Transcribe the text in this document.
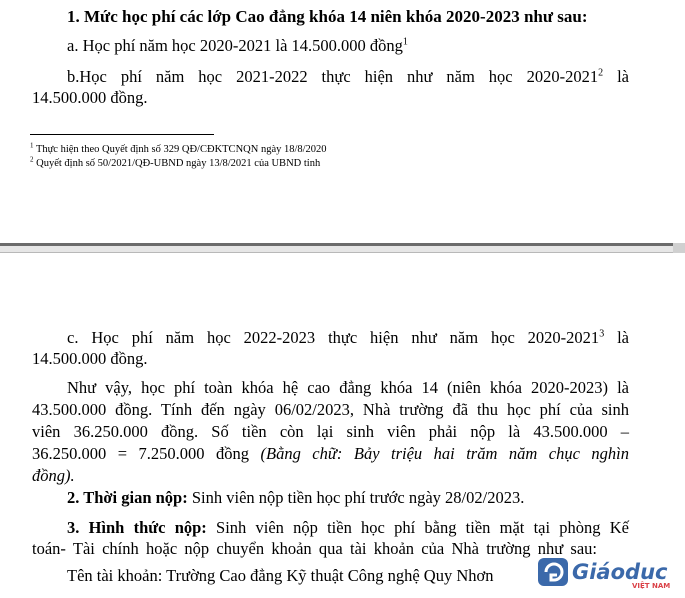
1. Mức học phí các lớp Cao đẳng khóa 14 niên khóa 2020-2023 như sau:
a. Học phí năm học 2020-2021 là 14.500.000 đồng$^1$
b.Học phí năm học 2021-2022 thực hiện như năm học 2020-2021$^2$ là
14.500.000 đồng.
$^1$ Thực hiện theo Quyết định số 329 QĐ/CĐKTCNQN ngày 18/8/2020
$^2$ Quyết định số 50/2021/QĐ-UBND ngày 13/8/2021 của UBND tỉnh
c. Học phí năm học 2022-2023 thực hiện như năm học 2020-2021$^3$ là
14.500.000 đồng.
Như vậy, học phí toàn khóa hệ cao đẳng khóa 14 (niên khóa 2020-2023) là
43.500.000 đồng. Tính đến ngày 06/02/2023, Nhà trường đã thu học phí của sinh
viên 36.250.000 đồng. Số tiền còn lại sinh viên phải nộp là 43.500.000 –
36.250.000 = 7.250.000 đồng (Bằng chữ: Bảy triệu hai trăm năm chục nghìn
đồng).
2. Thời gian nộp: Sinh viên nộp tiền học phí trước ngày 28/02/2023.
3. Hình thức nộp: Sinh viên nộp tiền học phí bằng tiền mặt tại phòng Kế
toán- Tài chính hoặc nộp chuyển khoản qua tài khoản của Nhà trường như sau:
Tên tài khoản: Trường Cao đẳng Kỹ thuật Công nghệ Quy Nhơn	Giáoduc
VIỆT NAM
